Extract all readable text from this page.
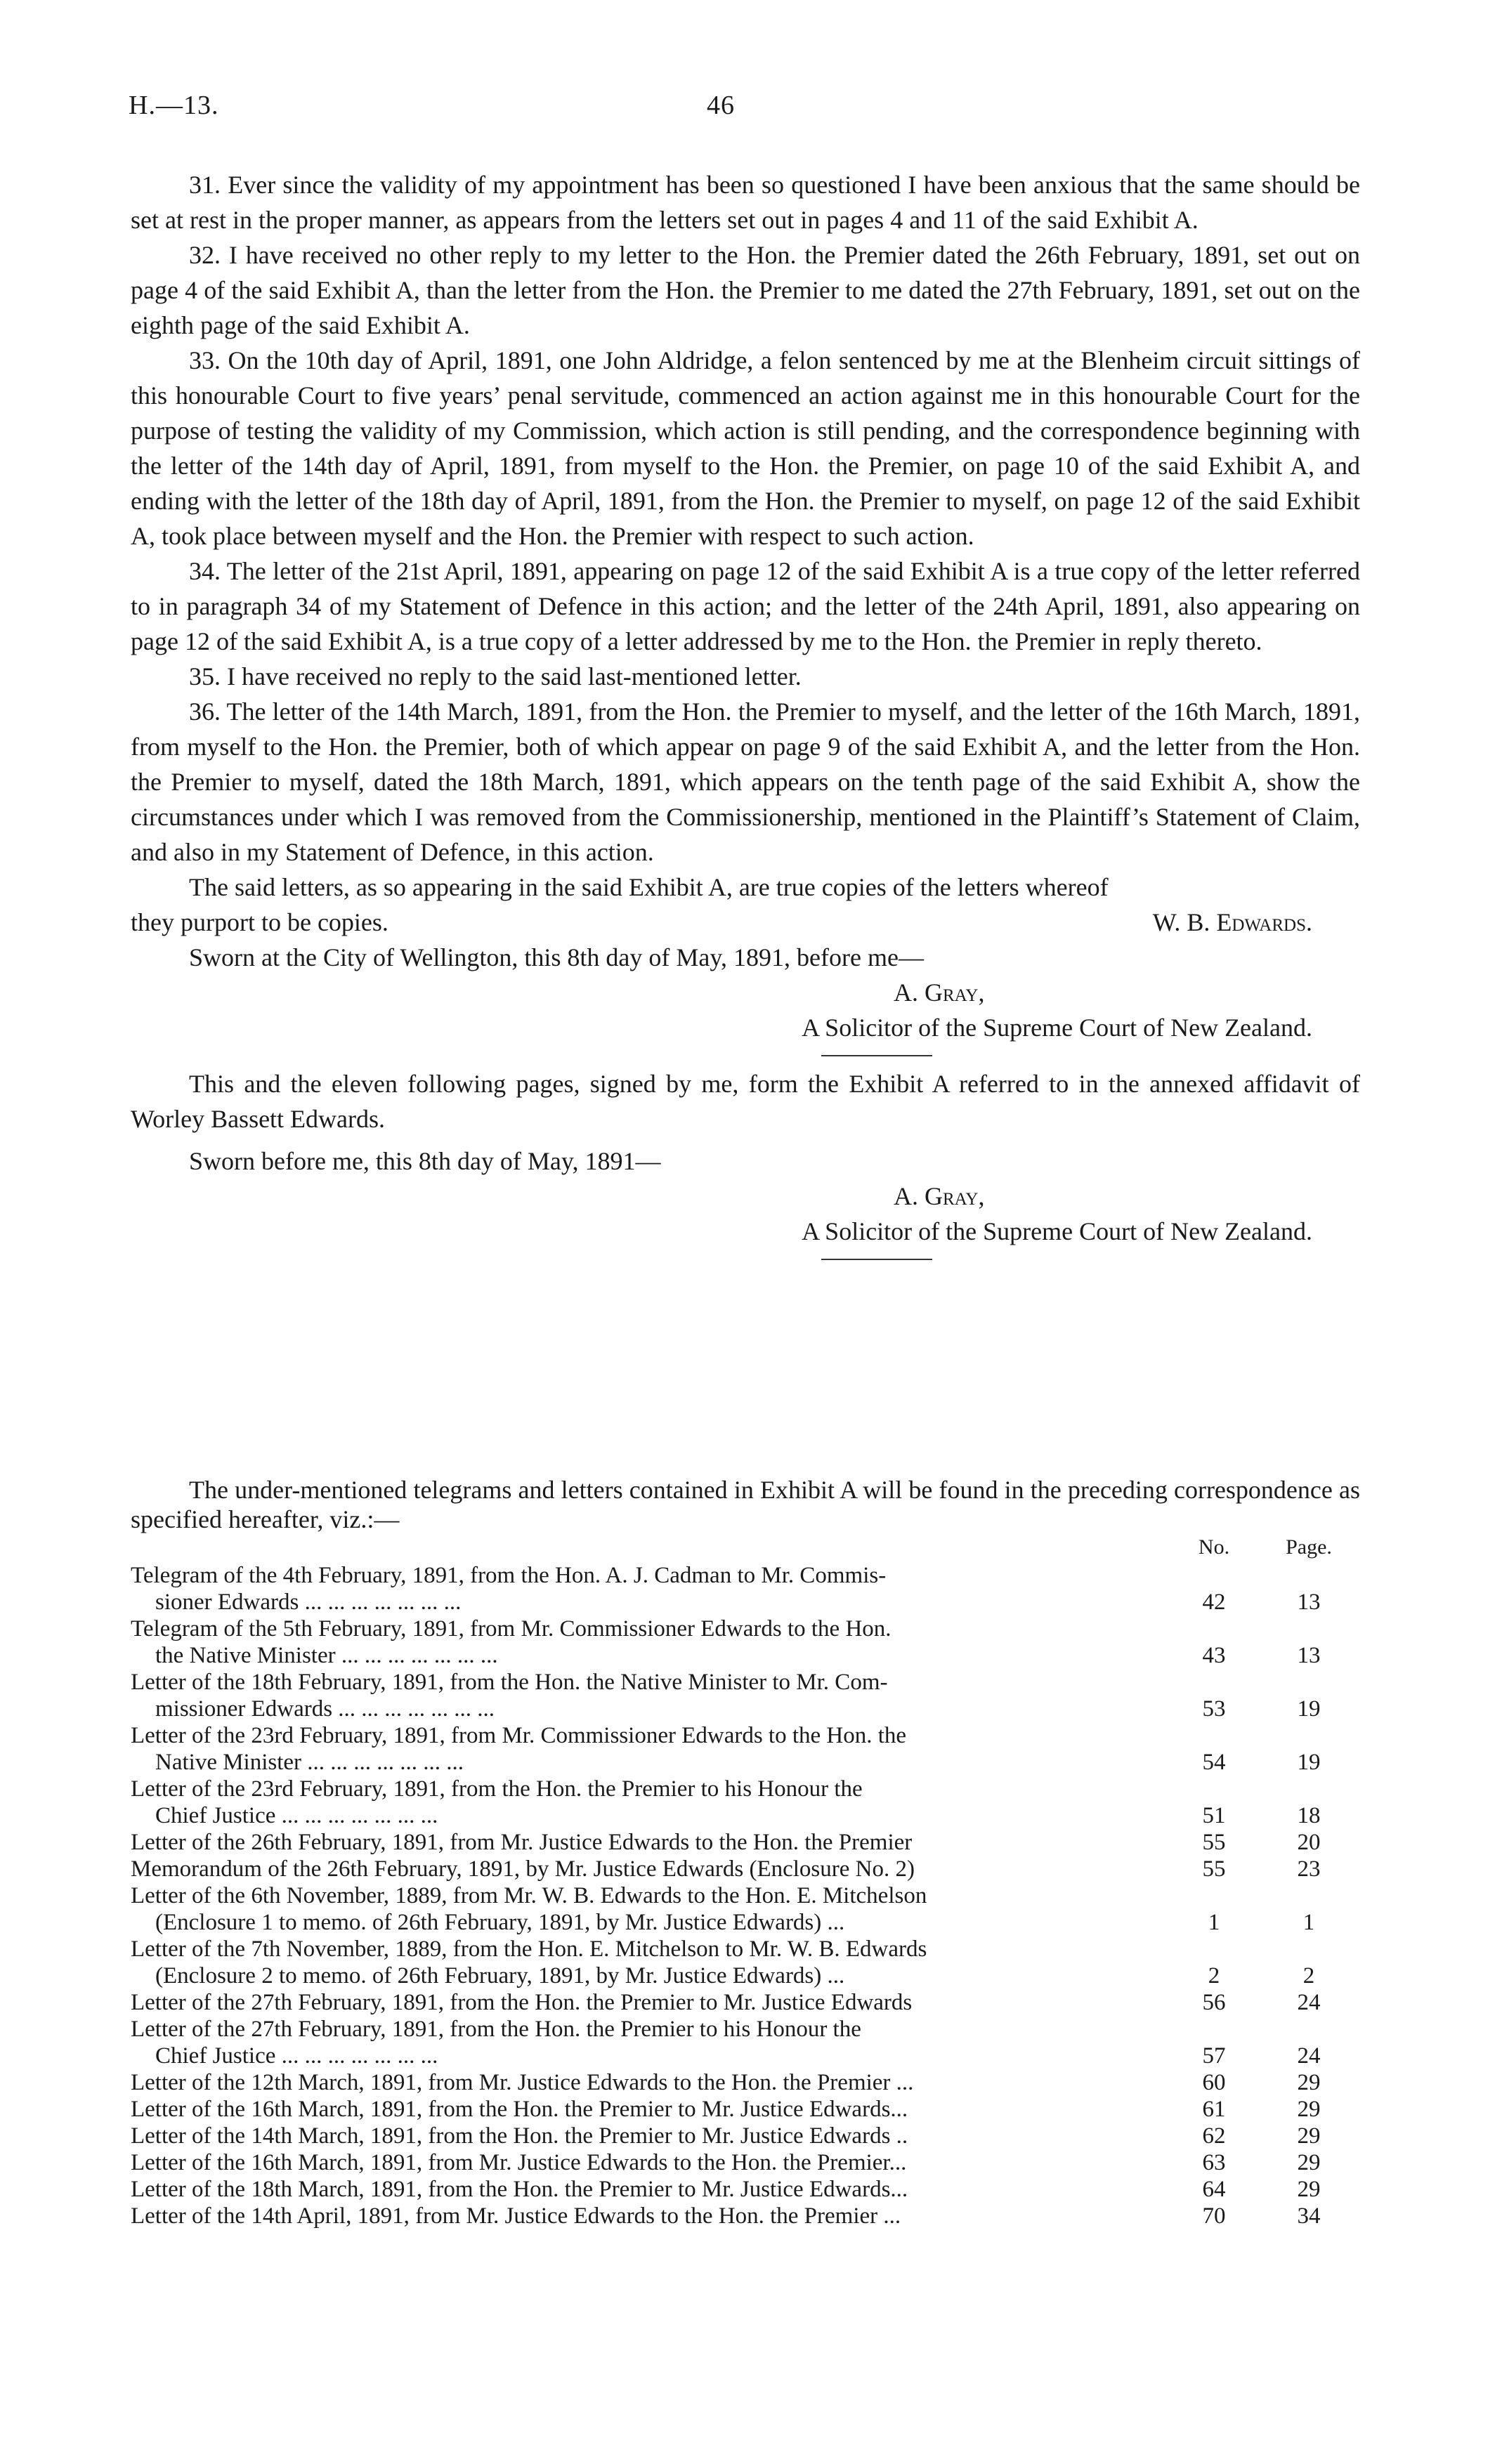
H.—13.	46

31. Ever since the validity of my appointment has been so questioned I have been anxious that the same should be set at rest in the proper manner, as appears from the letters set out in pages 4 and 11 of the said Exhibit A.

32. I have received no other reply to my letter to the Hon. the Premier dated the 26th February, 1891, set out on page 4 of the said Exhibit A, than the letter from the Hon. the Premier to me dated the 27th February, 1891, set out on the eighth page of the said Exhibit A.

33. On the 10th day of April, 1891, one John Aldridge, a felon sentenced by me at the Blenheim circuit sittings of this honourable Court to five years’ penal servitude, commenced an action against me in this honourable Court for the purpose of testing the validity of my Commission, which action is still pending, and the correspondence beginning with the letter of the 14th day of April, 1891, from myself to the Hon. the Premier, on page 10 of the said Exhibit A, and ending with the letter of the 18th day of April, 1891, from the Hon. the Premier to myself, on page 12 of the said Exhibit A, took place between myself and the Hon. the Premier with respect to such action.

34. The letter of the 21st April, 1891, appearing on page 12 of the said Exhibit A is a true copy of the letter referred to in paragraph 34 of my Statement of Defence in this action; and the letter of the 24th April, 1891, also appearing on page 12 of the said Exhibit A, is a true copy of a letter addressed by me to the Hon. the Premier in reply thereto.

35. I have received no reply to the said last-mentioned letter.

36. The letter of the 14th March, 1891, from the Hon. the Premier to myself, and the letter of the 16th March, 1891, from myself to the Hon. the Premier, both of which appear on page 9 of the said Exhibit A, and the letter from the Hon. the Premier to myself, dated the 18th March, 1891, which appears on the tenth page of the said Exhibit A, show the circumstances under which I was removed from the Commissionership, mentioned in the Plaintiff’s Statement of Claim, and also in my Statement of Defence, in this action.

The said letters, as so appearing in the said Exhibit A, are true copies of the letters whereof
they purport to be copies.	W. B. Edwards.
Sworn at the City of Wellington, this 8th day of May, 1891, before me—
A. Gray,
A Solicitor of the Supreme Court of New Zealand.

This and the eleven following pages, signed by me, form the Exhibit A referred to in the annexed affidavit of Worley Bassett Edwards.

Sworn before me, this 8th day of May, 1891—
A. Gray,
A Solicitor of the Supreme Court of New Zealand.

The under-mentioned telegrams and letters contained in Exhibit A will be found in the preceding correspondence as specified hereafter, viz.:—

No.	Page.
Telegram of the 4th February, 1891, from the Hon. A. J. Cadman to Mr. Commis-
sioner Edwards ... ... ... ... ... ... ...	42	13
Telegram of the 5th February, 1891, from Mr. Commissioner Edwards to the Hon.
the Native Minister ... ... ... ... ... ... ...	43	13
Letter of the 18th February, 1891, from the Hon. the Native Minister to Mr. Com-
missioner Edwards ... ... ... ... ... ... ...	53	19
Letter of the 23rd February, 1891, from Mr. Commissioner Edwards to the Hon. the
Native Minister ... ... ... ... ... ... ...	54	19
Letter of the 23rd February, 1891, from the Hon. the Premier to his Honour the
Chief Justice ... ... ... ... ... ... ...	51	18
Letter of the 26th February, 1891, from Mr. Justice Edwards to the Hon. the Premier	55	20
Memorandum of the 26th February, 1891, by Mr. Justice Edwards (Enclosure No. 2)	55	23
Letter of the 6th November, 1889, from Mr. W. B. Edwards to the Hon. E. Mitchelson
(Enclosure 1 to memo. of 26th February, 1891, by Mr. Justice Edwards) ...	1	1
Letter of the 7th November, 1889, from the Hon. E. Mitchelson to Mr. W. B. Edwards
(Enclosure 2 to memo. of 26th February, 1891, by Mr. Justice Edwards) ...	2	2
Letter of the 27th February, 1891, from the Hon. the Premier to Mr. Justice Edwards	56	24
Letter of the 27th February, 1891, from the Hon. the Premier to his Honour the
Chief Justice ... ... ... ... ... ... ...	57	24
Letter of the 12th March, 1891, from Mr. Justice Edwards to the Hon. the Premier ...	60	29
Letter of the 16th March, 1891, from the Hon. the Premier to Mr. Justice Edwards...	61	29
Letter of the 14th March, 1891, from the Hon. the Premier to Mr. Justice Edwards ..	62	29
Letter of the 16th March, 1891, from Mr. Justice Edwards to the Hon. the Premier...	63	29
Letter of the 18th March, 1891, from the Hon. the Premier to Mr. Justice Edwards...	64	29
Letter of the 14th April, 1891, from Mr. Justice Edwards to the Hon. the Premier ...	70	34
